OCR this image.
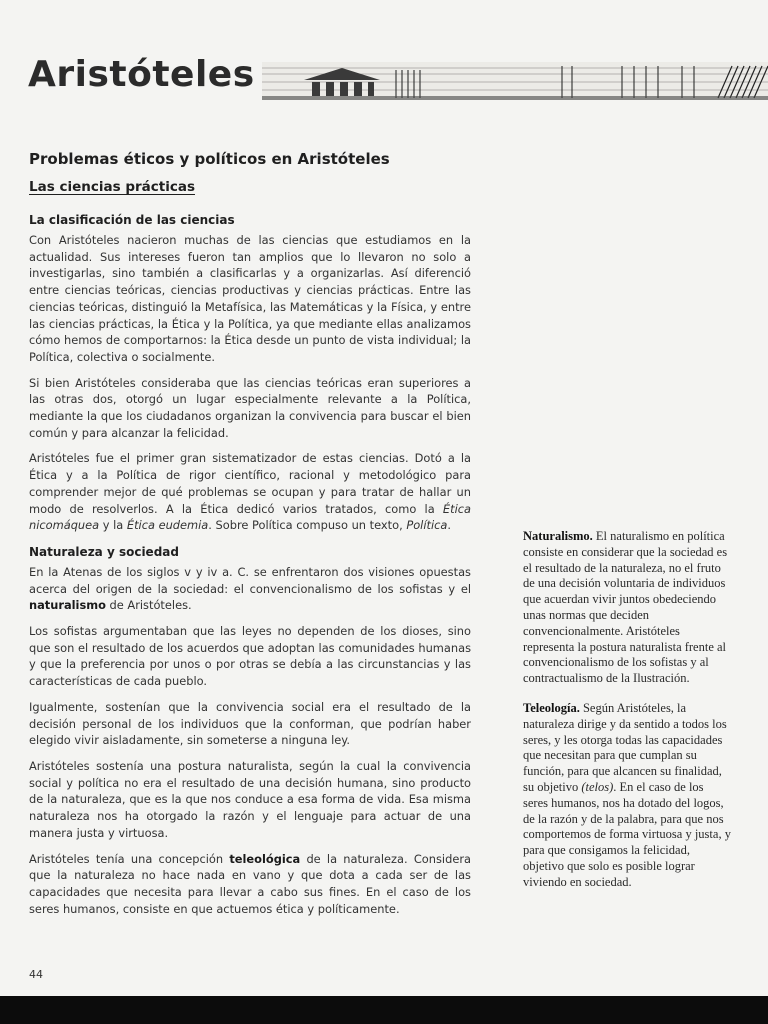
Aristóteles
Problemas éticos y políticos en Aristóteles
Las ciencias prácticas
La clasificación de las ciencias

Con Aristóteles nacieron muchas de las ciencias que estudiamos en la actualidad. Sus intereses fueron tan amplios que lo llevaron no solo a investigarlas, sino también a clasificarlas y a organizarlas. Así diferenció entre ciencias teóricas, ciencias productivas y ciencias prácticas. Entre las ciencias teóricas, distinguió la Metafísica, las Matemáticas y la Física, y entre las ciencias prácticas, la Ética y la Política, ya que mediante ellas analizamos cómo hemos de comportarnos: la Ética desde un punto de vista individual; la Política, colectiva o socialmente.

Si bien Aristóteles consideraba que las ciencias teóricas eran superiores a las otras dos, otorgó un lugar especialmente relevante a la Política, mediante la que los ciudadanos organizan la convivencia para buscar el bien común y para alcanzar la felicidad.

Aristóteles fue el primer gran sistematizador de estas ciencias. Dotó a la Ética y a la Política de rigor científico, racional y metodológico para comprender mejor de qué problemas se ocupan y para tratar de hallar un modo de resolverlos. A la Ética dedicó varios tratados, como la Ética nicomáquea y la Ética eudemia. Sobre Política compuso un texto, Política.

Naturaleza y sociedad

En la Atenas de los siglos v y iv a. C. se enfrentaron dos visiones opuestas acerca del origen de la sociedad: el convencionalismo de los sofistas y el naturalismo de Aristóteles.

Los sofistas argumentaban que las leyes no dependen de los dioses, sino que son el resultado de los acuerdos que adoptan las comunidades humanas y que la preferencia por unos o por otras se debía a las circunstancias y las características de cada pueblo.

Igualmente, sostenían que la convivencia social era el resultado de la decisión personal de los individuos que la conforman, que podrían haber elegido vivir aisladamente, sin someterse a ninguna ley.

Aristóteles sostenía una postura naturalista, según la cual la convivencia social y política no era el resultado de una decisión humana, sino producto de la naturaleza, que es la que nos conduce a esa forma de vida. Esa misma naturaleza nos ha otorgado la razón y el lenguaje para actuar de una manera justa y virtuosa.

Aristóteles tenía una concepción teleológica de la naturaleza. Considera que la naturaleza no hace nada en vano y que dota a cada ser de las capacidades que necesita para llevar a cabo sus fines. En el caso de los seres humanos, consiste en que actuemos ética y políticamente.

Naturalismo. El naturalismo en política consiste en considerar que la sociedad es el resultado de la naturaleza, no el fruto de una decisión voluntaria de individuos que acuerdan vivir juntos obedeciendo unas normas que deciden convencionalmente. Aristóteles representa la postura naturalista frente al convencionalismo de los sofistas y al contractualismo de la Ilustración.

Teleología. Según Aristóteles, la naturaleza dirige y da sentido a todos los seres, y les otorga todas las capacidades que necesitan para que cumplan su función, para que alcancen su finalidad, su objetivo (telos). En el caso de los seres humanos, nos ha dotado del logos, de la razón y de la palabra, para que nos comportemos de forma virtuosa y justa, y para que consigamos la felicidad, objetivo que solo es posible lograr viviendo en sociedad.

44
